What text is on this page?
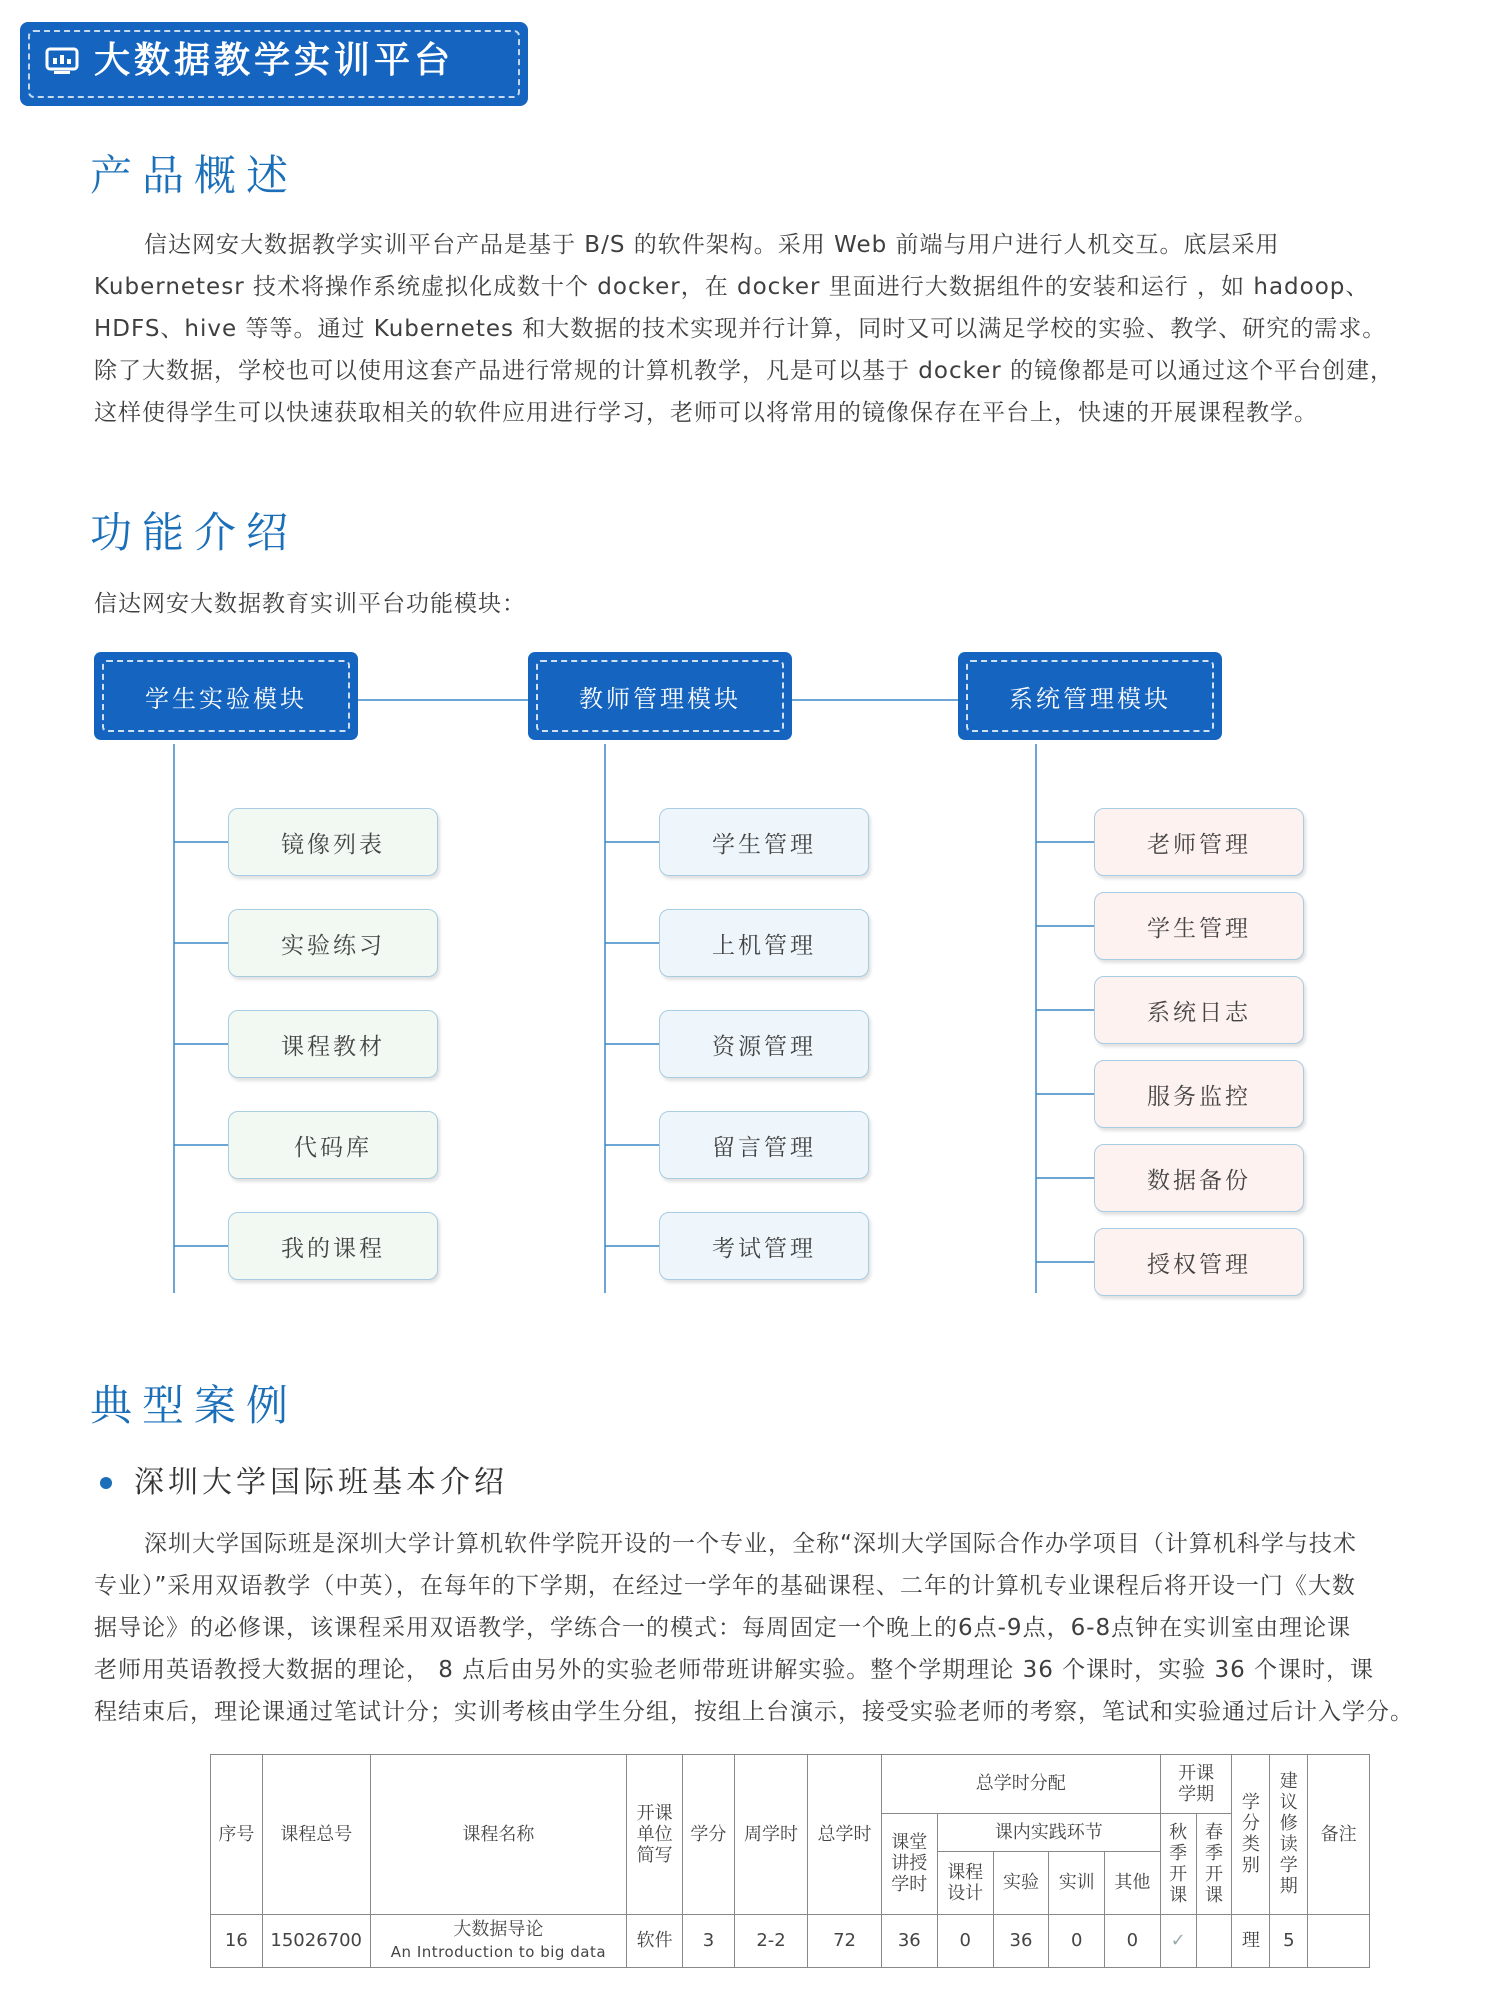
大数据教学实训平台
产品概述
信达网安大数据教学实训平台产品是基于 B/S 的软件架构。采用 Web 前端与用户进行人机交互。底层采用
Kubernetesr 技术将操作系统虚拟化成数十个 docker，在 docker 里面进行大数据组件的安装和运行 ，如 hadoop、
HDFS、hive 等等。通过 Kubernetes 和大数据的技术实现并行计算，同时又可以满足学校的实验、教学、研究的需求。
除了大数据，学校也可以使用这套产品进行常规的计算机教学，凡是可以基于 docker 的镜像都是可以通过这个平台创建，
这样使得学生可以快速获取相关的软件应用进行学习，老师可以将常用的镜像保存在平台上，快速的开展课程教学。
功能介绍
信达网安大数据教育实训平台功能模块：
学生实验模块	教师管理模块	系统管理模块
镜像列表
实验练习
课程教材
代码库
我的课程
学生管理
上机管理
资源管理
留言管理
考试管理
老师管理
学生管理
系统日志
服务监控
数据备份
授权管理
典型案例
深圳大学国际班基本介绍
深圳大学国际班是深圳大学计算机软件学院开设的一个专业，全称“深圳大学国际合作办学项目（计算机科学与技术
专业）”采用双语教学（中英），在每年的下学期，在经过一学年的基础课程、二年的计算机专业课程后将开设一门《大数
据导论》的必修课，该课程采用双语教学，学练合一的模式：每周固定一个晚上的6点-9点，6-8点钟在实训室由理论课
老师用英语教授大数据的理论， 8 点后由另外的实验老师带班讲解实验。整个学期理论 36 个课时，实验 36 个课时，课
程结束后，理论课通过笔试计分；实训考核由学生分组，按组上台演示，接受实验老师的考察，笔试和实验通过后计入学分。
序号	课程总号	课程名称	开课单位简写	学分	周学时	总学时	总学时分配					开课学期		学分类别	建议修读学期	备注
							课堂讲授学时	课内实践环节				秋季开课	春季开课			
								课程设计	实验	实训	其他					
16	15026700	大数据导论
An Introduction to big data	软件	3	2-2	72	36	0	36	0	0	✓		理	5	
